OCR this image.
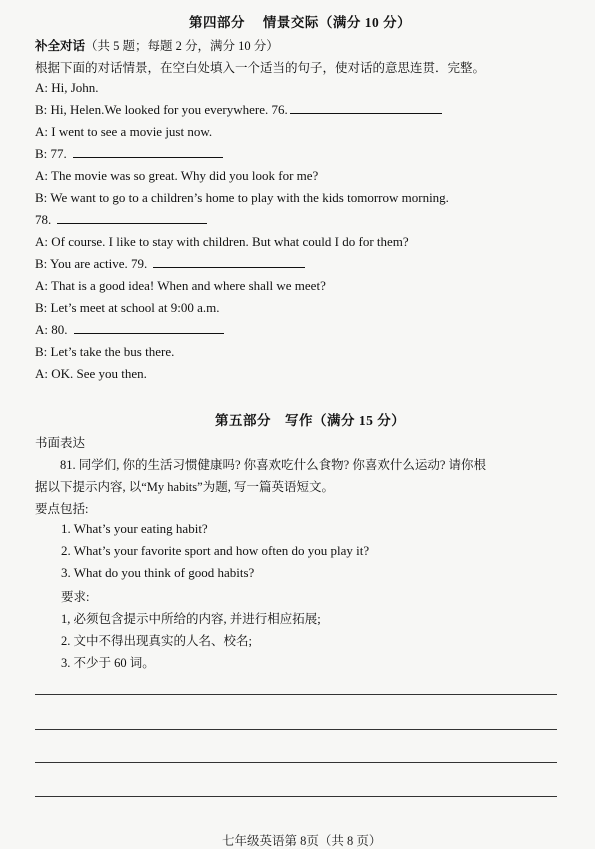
第四部分　 情景交际（满分 10 分）
补全对话（共 5 题；每题 2 分，满分 10 分）
根据下面的对话情景，在空白处填入一个适当的句子，使对话的意思连贯．完整。
A: Hi, John.
B: Hi, Helen.We looked for you everywhere. 76.
A: I went to see a movie just now.
B: 77.
A: The movie was so great. Why did you look for me?
B: We want to go to a children’s home to play with the kids tomorrow morning.
78.
A: Of course. I like to stay with children. But what could I do for them?
B: You are active. 79.
A: That is a good idea! When and where shall we meet?
B: Let’s meet at school at 9:00 a.m.
A: 80.
B: Let’s take the bus there.
A: OK. See you then.
第五部分　写作（满分 15 分）
书面表达
81. 同学们, 你的生活习惯健康吗? 你喜欢吃什么食物? 你喜欢什么运动? 请你根
据以下提示内容, 以“My habits”为题, 写一篇英语短文。
要点包括:
1. What’s your eating habit?
2. What’s your favorite sport and how often do you play it?
3. What do you think of good habits?
要求:
1, 必须包含提示中所给的内容, 并进行相应拓展;
2. 文中不得出现真实的人名、校名;
3. 不少于 60 词。
七年级英语第 8页（共 8 页）
